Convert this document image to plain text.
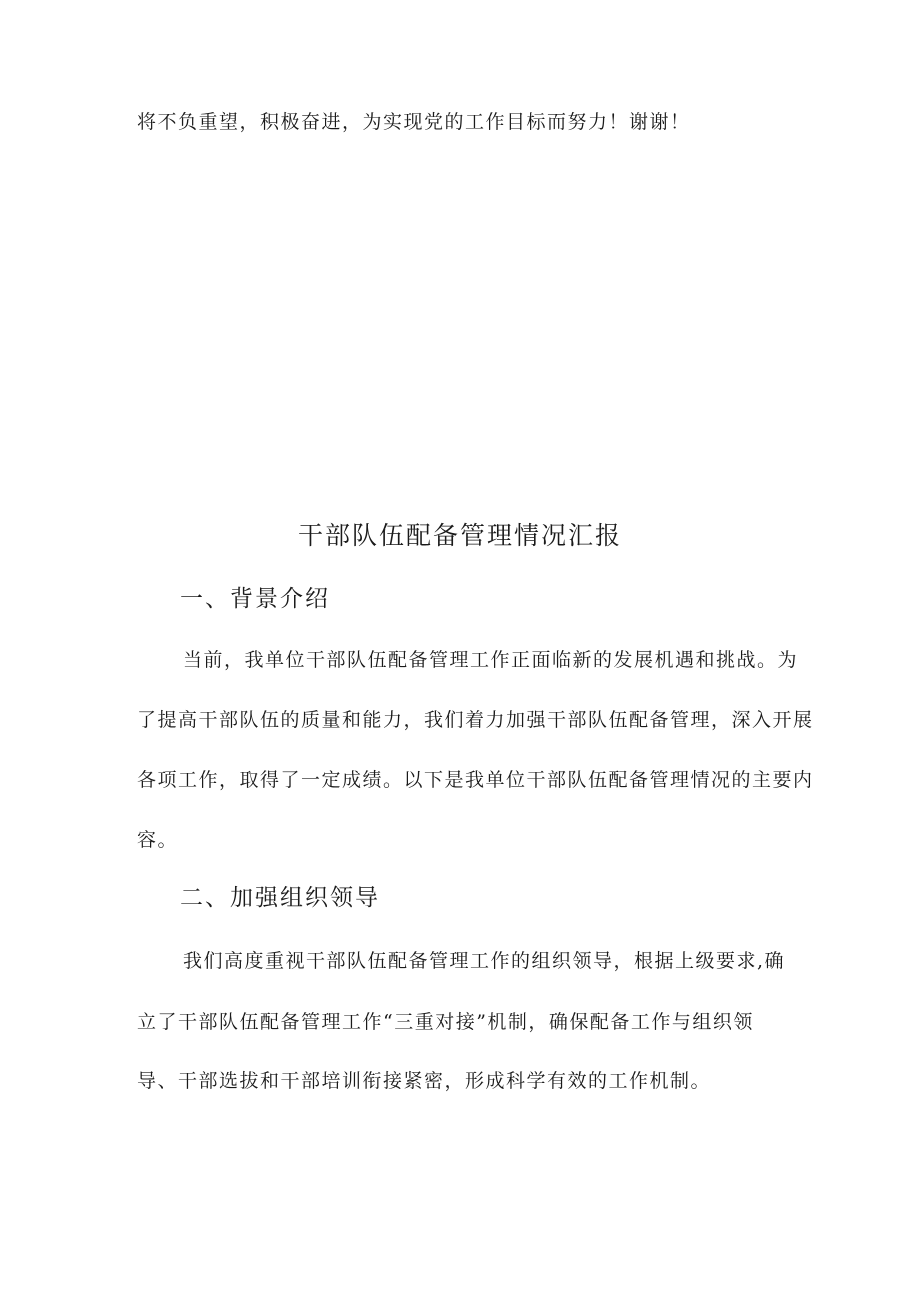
将不负重望，积极奋进，为实现党的工作目标而努力！谢谢！
干部队伍配备管理情况汇报
一、背景介绍
当前，我单位干部队伍配备管理工作正面临新的发展机遇和挑战。为
了提高干部队伍的质量和能力，我们着力加强干部队伍配备管理，深入开展
各项工作，取得了一定成绩。以下是我单位干部队伍配备管理情况的主要内
容。
二、加强组织领导
我们高度重视干部队伍配备管理工作的组织领导，根据上级要求,确
立了干部队伍配备管理工作“三重对接”机制，确保配备工作与组织领
导、干部选拔和干部培训衔接紧密，形成科学有效的工作机制。
